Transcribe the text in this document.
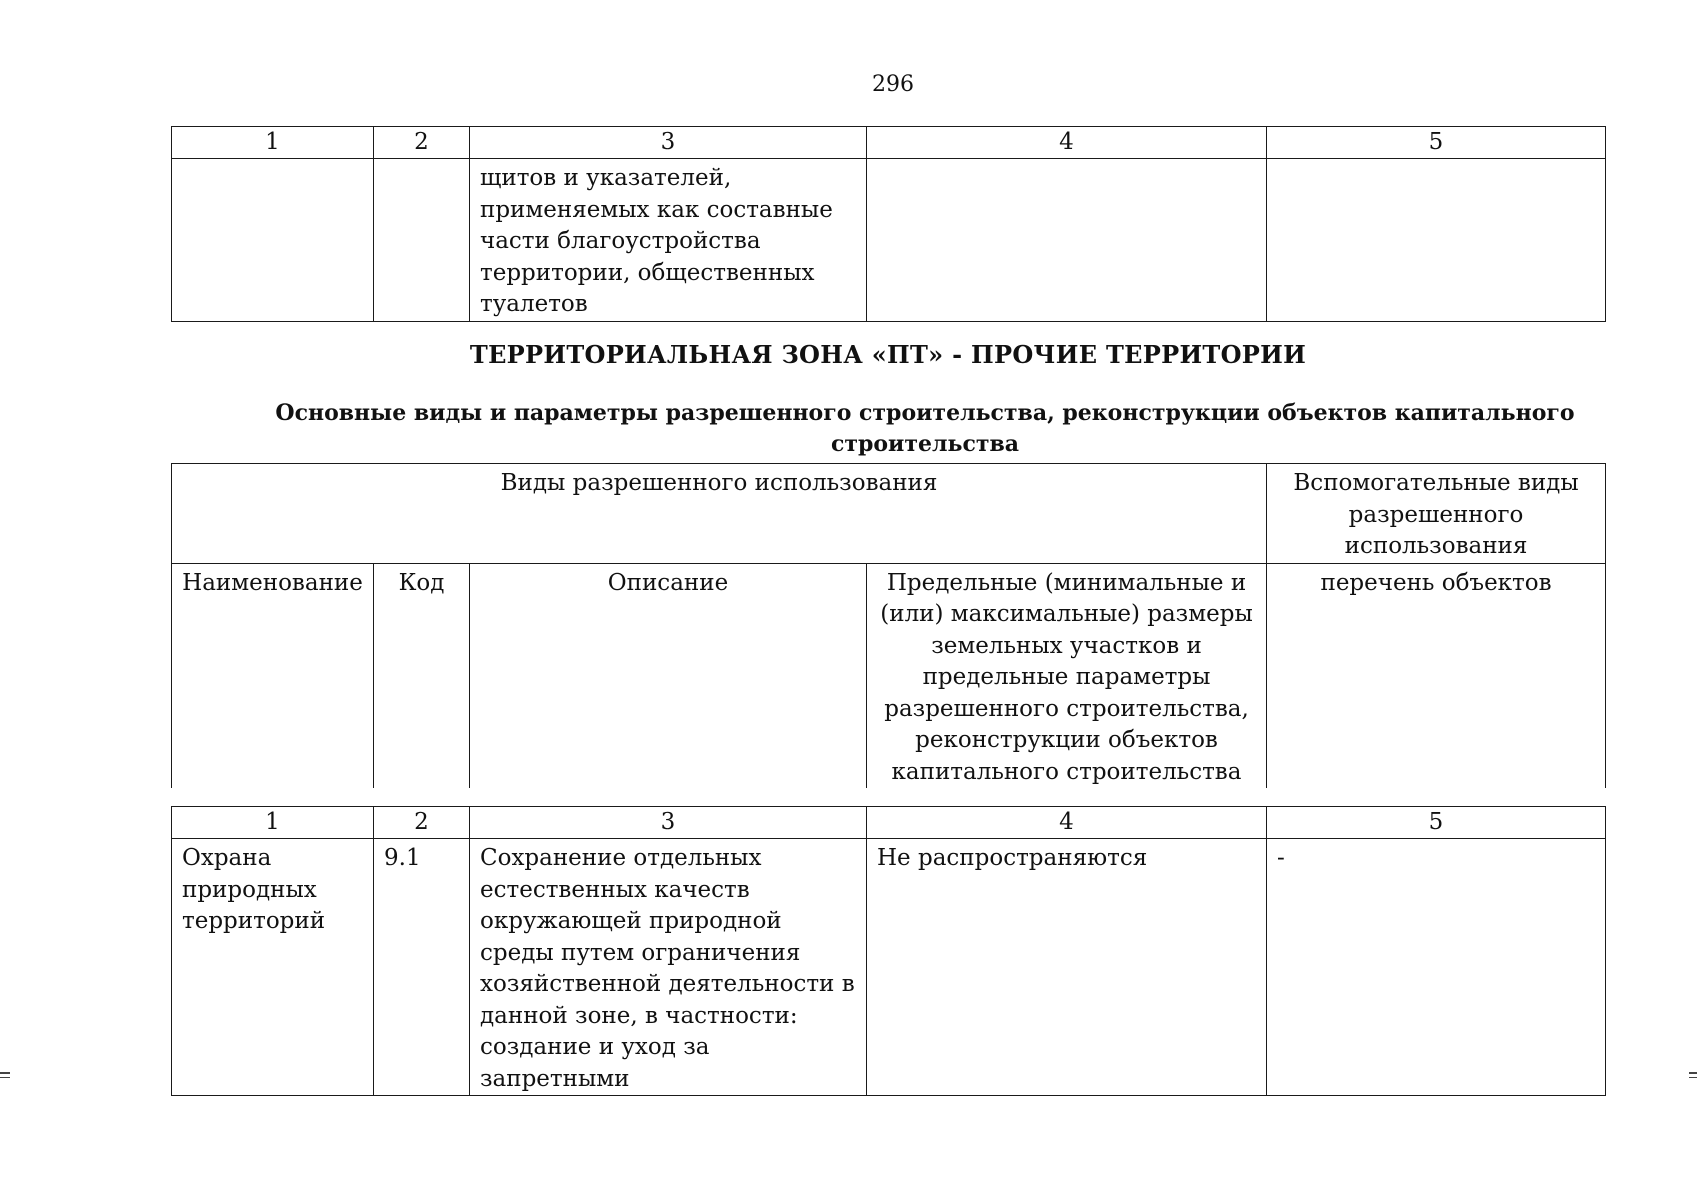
296
1	2	3	4	5
		щитов и указателей, применяемых как составные части благоустройства территории, общественных туалетов		
ТЕРРИТОРИАЛЬНАЯ ЗОНА «ПТ» - ПРОЧИЕ ТЕРРИТОРИИ
Основные виды и параметры разрешенного строительства, реконструкции объектов капитального строительства
Виды разрешенного использования				Вспомогательные виды разрешенного использования
Наименование	Код	Описание	Предельные (минимальные и (или) максимальные) размеры земельных участков и предельные параметры разрешенного строительства, реконструкции объектов капитального строительства	перечень объектов
1	2	3	4	5
Охрана природных территорий	9.1	Сохранение отдельных естественных качеств окружающей природной среды путем ограничения хозяйственной деятельности в данной зоне, в частности: создание и уход за запретными	Не распространяются	-
